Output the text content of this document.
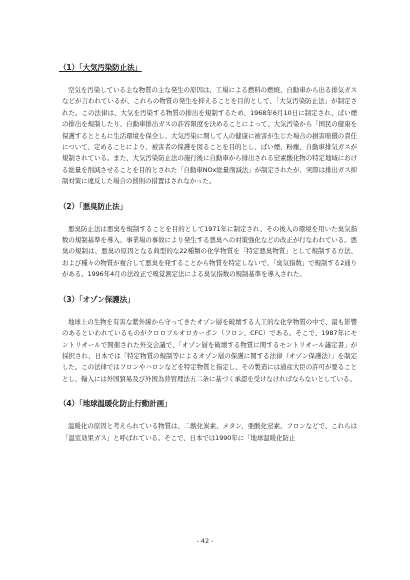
（1）「大気汚染防止法」

空気を汚染している主な物質の主な発生の原因は、工場による燃料の燃焼、自動車から出る排気ガスなどが言われているが、これらの物質の発生を抑えることを目的として、「大気汚染防止法」が制定された。この法律は、大気を汚染する物質の排出を規制するため、1968年6月10日に制定され、ばい煙の排出を規制したり、自動車排出ガスの許容限度を決めることによって、大気汚染から「国民の健康を保護するとともに生活環境を保全し、大気汚染に関して人の健康に被害が生じた場合の損害賠償の責任について、定めることにより、被害者の保護を図ることを目的とし、ばい煙、粉塵、自動車排気ガスが規制されている。また、大気汚染防止法の施行後に自動車から排出される窒素酸化物の特定地域における総量を削減させることを目的とされた「自動車NOx総量削減法」が制定されたが、実際は排出ガス抑制対策に違反した場合の罰則の措置はされなかった。

（2）「悪臭防止法」

悪臭防止法は悪臭を規制することを目的として1971年に制定され、その後入の環境を用いた臭気指数の規制基準を導入、事業場の事故により発生する悪臭への対策強化などの改正が行なわれている。悪臭の規制は、悪臭の原因となる典型的な22種類の化学物質を「特定悪臭物質」として規制する方法、および種々の物質が複合して悪臭を発することから物質を特定しないで、「臭気指数」で規制する2通りがある。1996年4月の法改正で嗅覚測定法による臭気指数の規制基準を導入された。

（3）「オゾン保護法」

地球上の生物を有害な紫外線から守ってきたオゾン層を破壊する人工的な化学物質の中で、最も影響のあるといわれているものがクロロフルオロカーボン（フロン、CFC）である。そこで、1987年にモントリオールで開催された外交会議で、「オゾン層を破壊する物質に関するモントリオール議定書」が採択され、日本では「特定物質の規制等によるオゾン層の保護に関する法律（オゾン保護法）」を制定した。この法律ではフロンやハロンなどを特定物質と指定し、その製造には通産大臣の許可が要ることとし、輸入には外国貿易及び外国為替管理法五二条に基づく承認を受けなければならないとしている。

（4）「地球温暖化防止行動計画」

温暖化の原因と考えられている物質は、二酸化炭素、メタン、亜酸化窒素、フロンなどで、これらは「温室効果ガス」と呼ばれている。そこで、日本では1990年に「地球温暖化防止

- 42 -
